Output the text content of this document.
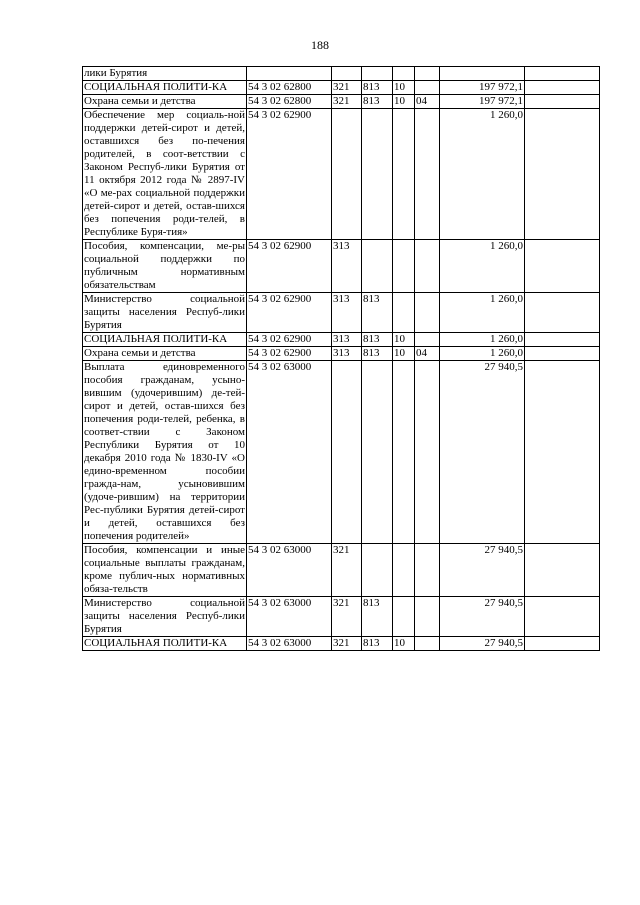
188
лики Бурятия							
СОЦИАЛЬНАЯ ПОЛИТИ-КА	54 3 02 62800	321	813	10		197 972,1	
Охрана семьи и детства	54 3 02 62800	321	813	10	04	197 972,1	
Обеспечение мер социаль-ной поддержки детей-сирот и детей, оставшихся без по-печения родителей, в соот-ветствии с Законом Респуб-лики Бурятия от 11 октября 2012 года № 2897-IV «О ме-рах социальной поддержки детей-сирот и детей, остав-шихся без попечения роди-телей, в Республике Буря-тия»	54 3 02 62900					1 260,0	
Пособия, компенсации, ме-ры социальной поддержки по публичным нормативным обязательствам	54 3 02 62900	313				1 260,0	
Министерство социальной защиты населения Респуб-лики Бурятия	54 3 02 62900	313	813			1 260,0	
СОЦИАЛЬНАЯ ПОЛИТИ-КА	54 3 02 62900	313	813	10		1 260,0	
Охрана семьи и детства	54 3 02 62900	313	813	10	04	1 260,0	
Выплата единовременного пособия гражданам, усыно-вившим (удочерившим) де-тей-сирот и детей, остав-шихся без попечения роди-телей, ребенка, в соответ-ствии с Законом Республики Бурятия от 10 декабря 2010 года № 1830-IV «О едино-временном пособии гражда-нам, усыновившим (удоче-рившим) на территории Рес-публики Бурятия детей-сирот и детей, оставшихся без попечения родителей»	54 3 02 63000					27 940,5	
Пособия, компенсации и иные социальные выплаты гражданам, кроме публич-ных нормативных обяза-тельств	54 3 02 63000	321				27 940,5	
Министерство социальной защиты населения Респуб-лики Бурятия	54 3 02 63000	321	813			27 940,5	
СОЦИАЛЬНАЯ ПОЛИТИ-КА	54 3 02 63000	321	813	10		27 940,5	
